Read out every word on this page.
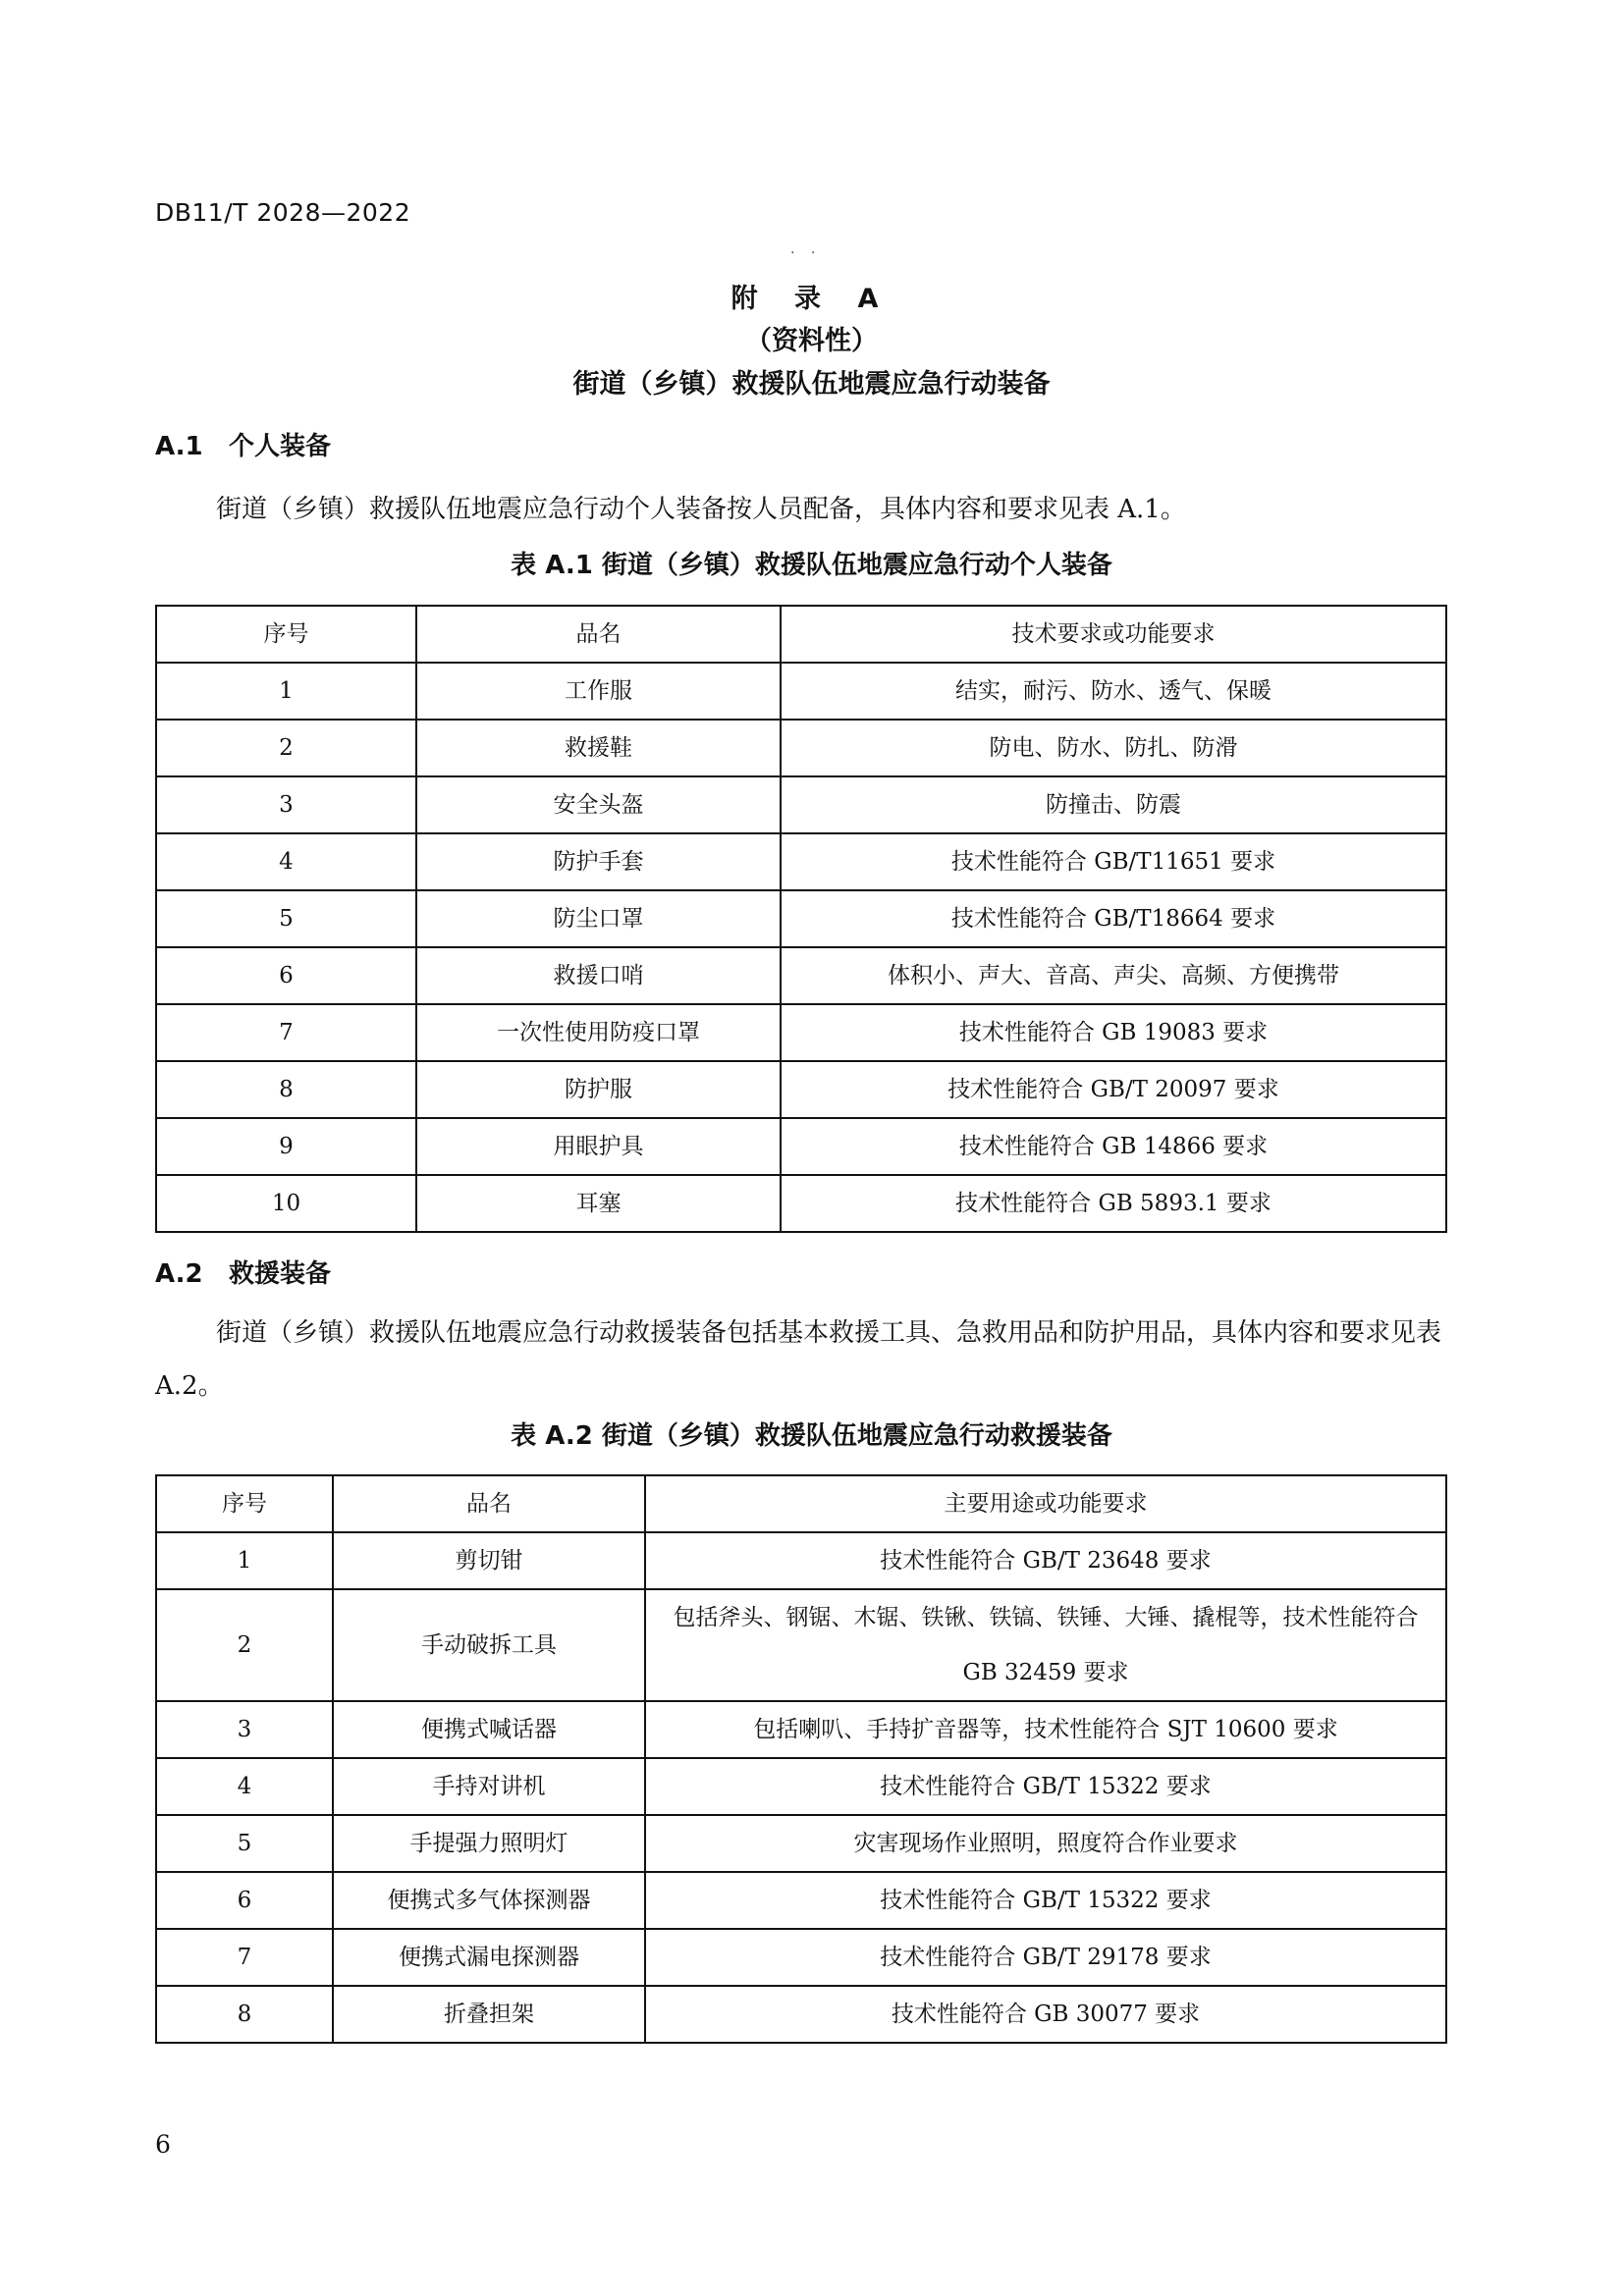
DB11/T 2028—2022
· ·
附 录 A
（资料性）
街道（乡镇）救援队伍地震应急行动装备
A.1 个人装备
街道（乡镇）救援队伍地震应急行动个人装备按人员配备，具体内容和要求见表 A.1。
表 A.1 街道（乡镇）救援队伍地震应急行动个人装备
序号	品名	技术要求或功能要求
1	工作服	结实，耐污、防水、透气、保暖
2	救援鞋	防电、防水、防扎、防滑
3	安全头盔	防撞击、防震
4	防护手套	技术性能符合 GB/T11651 要求
5	防尘口罩	技术性能符合 GB/T18664 要求
6	救援口哨	体积小、声大、音高、声尖、高频、方便携带
7	一次性使用防疫口罩	技术性能符合 GB 19083 要求
8	防护服	技术性能符合 GB/T 20097 要求
9	用眼护具	技术性能符合 GB 14866 要求
10	耳塞	技术性能符合 GB 5893.1 要求
A.2 救援装备
街道（乡镇）救援队伍地震应急行动救援装备包括基本救援工具、急救用品和防护用品，具体内容和要求见表 A.2。
表 A.2 街道（乡镇）救援队伍地震应急行动救援装备
序号	品名	主要用途或功能要求
1	剪切钳	技术性能符合 GB/T 23648 要求
2	手动破拆工具	包括斧头、钢锯、木锯、铁锹、铁镐、铁锤、大锤、撬棍等，技术性能符合 GB 32459 要求
3	便携式喊话器	包括喇叭、手持扩音器等，技术性能符合 SJT 10600 要求
4	手持对讲机	技术性能符合 GB/T 15322 要求
5	手提强力照明灯	灾害现场作业照明，照度符合作业要求
6	便携式多气体探测器	技术性能符合 GB/T 15322 要求
7	便携式漏电探测器	技术性能符合 GB/T 29178 要求
8	折叠担架	技术性能符合 GB 30077 要求
6
